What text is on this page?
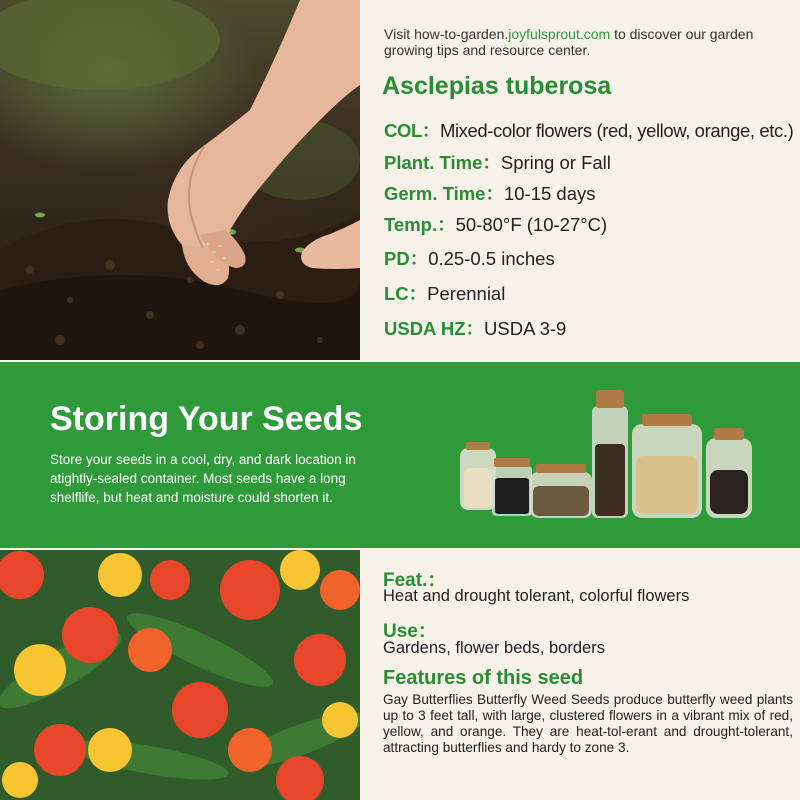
Visit how-to-garden.joyfulsprout.com to discover our garden growing tips and resource center.
Asclepias tuberosa
COL：Mixed-color flowers (red, yellow, orange, etc.)
Plant. Time：Spring or Fall
Germ. Time：10-15 days
Temp.：50-80°F (10-27°C)
PD：0.25-0.5 inches
LC：Perennial
USDA HZ：USDA 3-9
Storing Your Seeds
Store your seeds in a cool, dry, and dark location in atightly-sealed container. Most seeds have a long shelflife, but heat and moisture could shorten it.
Feat.：
Heat and drought tolerant, colorful flowers
Use：
Gardens, flower beds, borders
Features of this seed
Gay Butterflies Butterfly Weed Seeds produce butterfly weed plants up to 3 feet tall, with large, clustered flowers in a vibrant mix of red, yellow, and orange. They are heat-tol-erant and drought-tolerant, attracting butterflies and hardy to zone 3.
